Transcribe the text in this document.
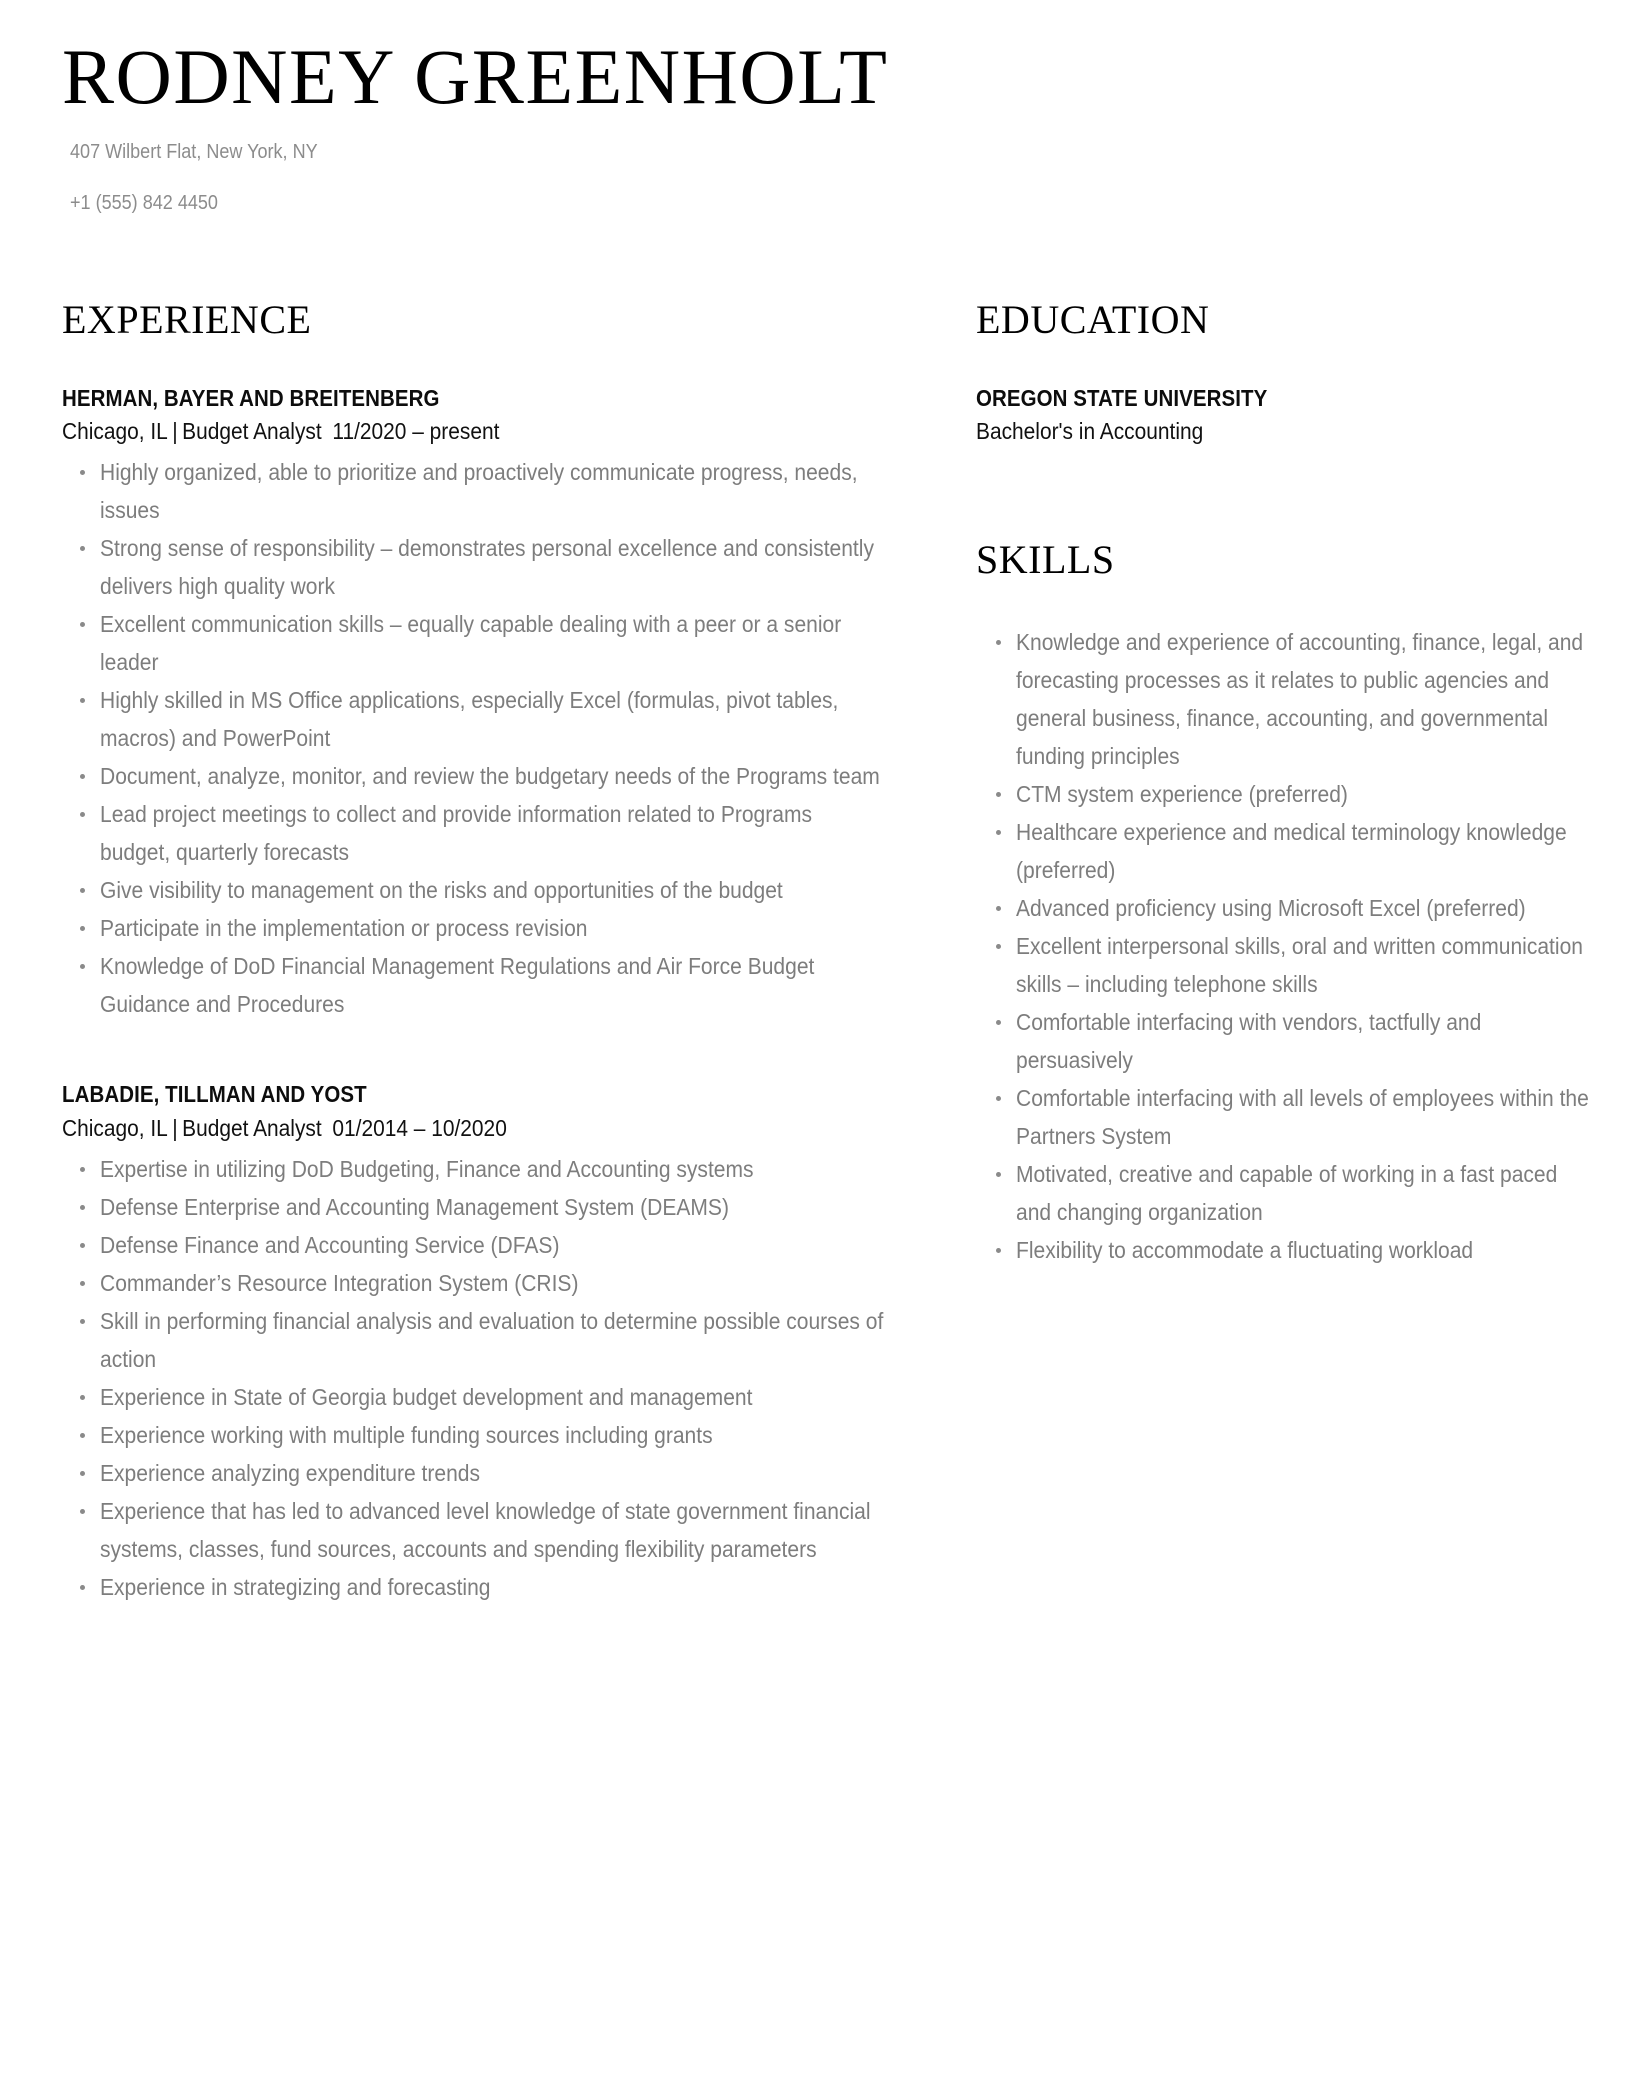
RODNEY GREENHOLT
407 Wilbert Flat, New York, NY
+1 (555) 842 4450
EXPERIENCE
HERMAN, BAYER AND BREITENBERG
Chicago, IL | Budget Analyst 11/2020 – present
Highly organized, able to prioritize and proactively communicate progress, needs, issues
Strong sense of responsibility – demonstrates personal excellence and consistently delivers high quality work
Excellent communication skills – equally capable dealing with a peer or a senior leader
Highly skilled in MS Office applications, especially Excel (formulas, pivot tables, macros) and PowerPoint
Document, analyze, monitor, and review the budgetary needs of the Programs team
Lead project meetings to collect and provide information related to Programs budget, quarterly forecasts
Give visibility to management on the risks and opportunities of the budget
Participate in the implementation or process revision
Knowledge of DoD Financial Management Regulations and Air Force Budget Guidance and Procedures
LABADIE, TILLMAN AND YOST
Chicago, IL | Budget Analyst 01/2014 – 10/2020
Expertise in utilizing DoD Budgeting, Finance and Accounting systems
Defense Enterprise and Accounting Management System (DEAMS)
Defense Finance and Accounting Service (DFAS)
Commander’s Resource Integration System (CRIS)
Skill in performing financial analysis and evaluation to determine possible courses of action
Experience in State of Georgia budget development and management
Experience working with multiple funding sources including grants
Experience analyzing expenditure trends
Experience that has led to advanced level knowledge of state government financial systems, classes, fund sources, accounts and spending flexibility parameters
Experience in strategizing and forecasting
EDUCATION
OREGON STATE UNIVERSITY
Bachelor's in Accounting
SKILLS
Knowledge and experience of accounting, finance, legal, and forecasting processes as it relates to public agencies and general business, finance, accounting, and governmental funding principles
CTM system experience (preferred)
Healthcare experience and medical terminology knowledge (preferred)
Advanced proficiency using Microsoft Excel (preferred)
Excellent interpersonal skills, oral and written communication skills – including telephone skills
Comfortable interfacing with vendors, tactfully and persuasively
Comfortable interfacing with all levels of employees within the Partners System
Motivated, creative and capable of working in a fast paced and changing organization
Flexibility to accommodate a fluctuating workload
